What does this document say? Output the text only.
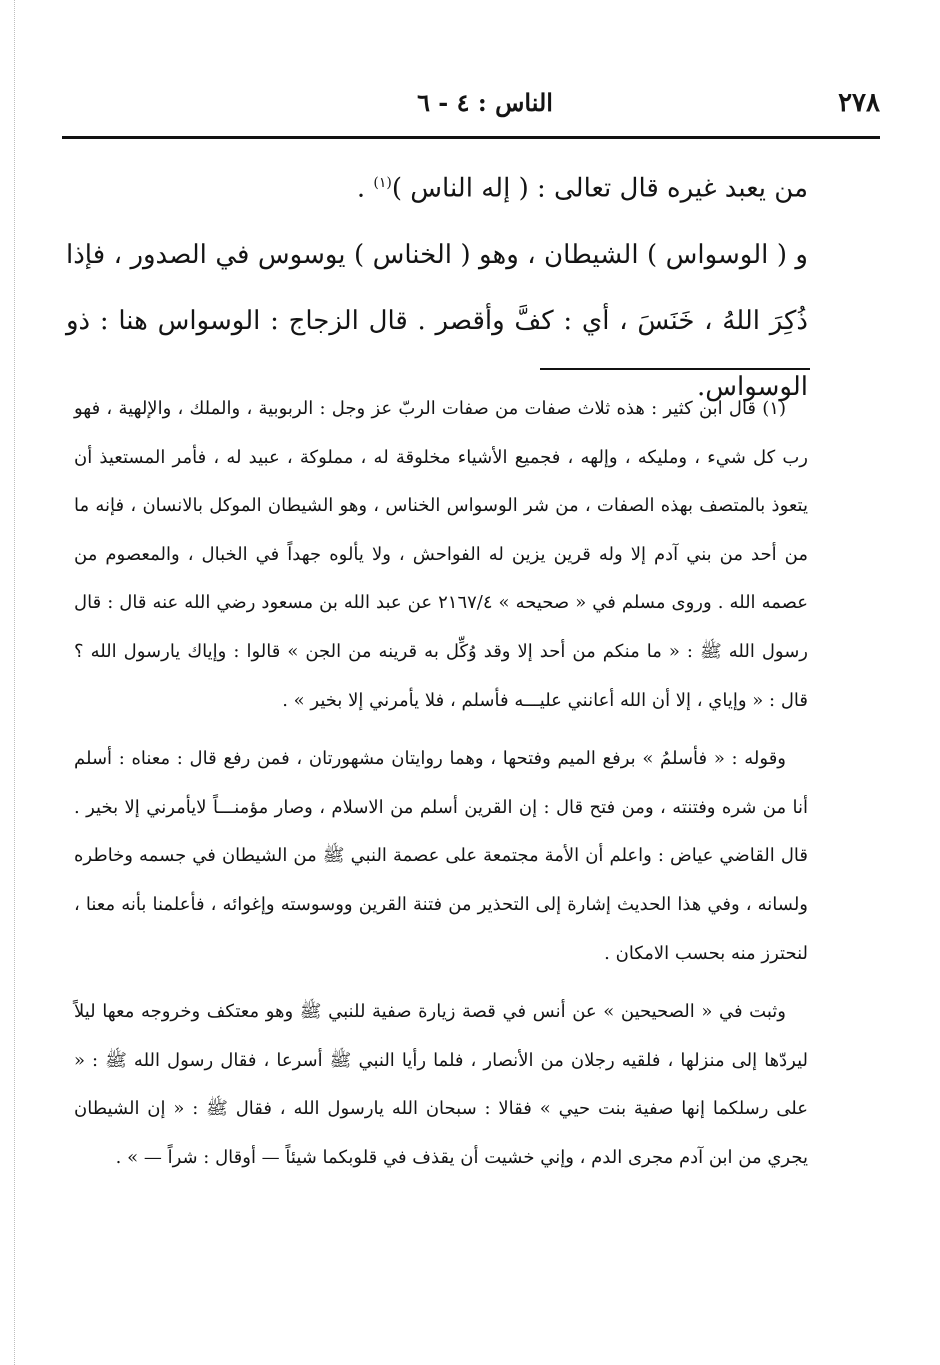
٢٧٨
الناس : ٤ - ٦

من يعبد غيره قال تعالى : ( إله الناس )$^{(١)}$ .

و ( الوسواس ) الشيطان ، وهو ( الخناس ) يوسوس في الصدور ، فإذا ذُكِرَ اللهُ ، خَنَسَ ، أي : كفَّ وأقصر . قال الزجاج : الوسواس هنا : ذو الوسواس.

(١) قال ابن كثير : هذه ثلاث صفات من صفات الربّ عز وجل : الربوبية ، والملك ، والإلهية ، فهو رب كل شيء ، ومليكه ، وإلهه ، فجميع الأشياء مخلوقة له ، مملوكة ، عبيد له ، فأمر المستعيذ أن يتعوذ بالمتصف بهذه الصفات ، من شر الوسواس الخناس ، وهو الشيطان الموكل بالانسان ، فإنه ما من أحد من بني آدم إلا وله قرين يزين له الفواحش ، ولا يألوه جهداً في الخبال ، والمعصوم من عصمه الله . وروى مسلم في « صحيحه » ٢١٦٧/٤ عن عبد الله بن مسعود رضي الله عنه قال : قال رسول الله ﷺ : « ما منكم من أحد إلا وقد وُكِّل به قرينه من الجن » قالوا : وإياك يارسول الله ؟ قال : « وإياي ، إلا أن الله أعانني عليـــه فأسلم ، فلا يأمرني إلا بخير » .

وقوله : « فأسلمُ » برفع الميم وفتحها ، وهما روايتان مشهورتان ، فمن رفع قال : معناه : أسلم أنا من شره وفتنته ، ومن فتح قال : إن القرين أسلم من الاسلام ، وصار مؤمنـــاً لايأمرني إلا بخير . قال القاضي عياض : واعلم أن الأمة مجتمعة على عصمة النبي ﷺ من الشيطان في جسمه وخاطره ولسانه ، وفي هذا الحديث إشارة إلى التحذير من فتنة القرين ووسوسته وإغوائه ، فأعلمنا بأنه معنا ، لنحترز منه بحسب الامكان .

وثبت في « الصحيحين » عن أنس في قصة زيارة صفية للنبي ﷺ وهو معتكف وخروجه معها ليلاً ليردّها إلى منزلها ، فلقيه رجلان من الأنصار ، فلما رأيا النبي ﷺ أسرعا ، فقال رسول الله ﷺ : « على رسلكما إنها صفية بنت حيي » فقالا : سبحان الله يارسول الله ، فقال ﷺ : « إن الشيطان يجري من ابن آدم مجرى الدم ، وإني خشيت أن يقذف في قلوبكما شيئاً — أوقال : شراً — » .
